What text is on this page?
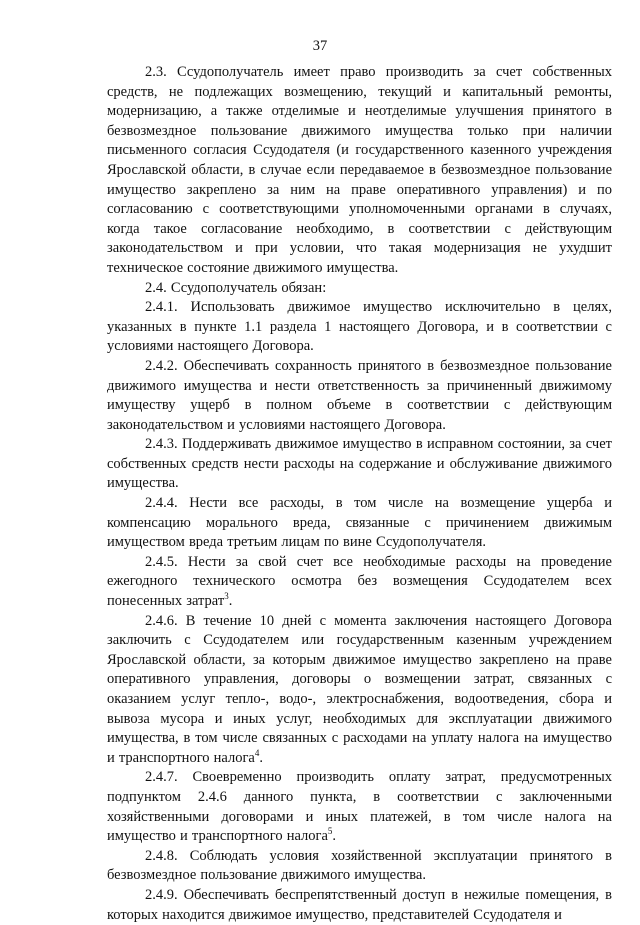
37

2.3. Ссудополучатель имеет право производить за счет собственных средств, не подлежащих возмещению, текущий и капитальный ремонты, модернизацию, а также отделимые и неотделимые улучшения принятого в безвозмездное пользование движимого имущества только при наличии письменного согласия Ссудодателя (и государственного казенного учреждения Ярославской области, в случае если передаваемое в безвозмездное пользование имущество закреплено за ним на праве оперативного управления) и по согласованию с соответствующими уполномоченными органами в случаях, когда такое согласование необходимо, в соответствии с действующим законодательством и при условии, что такая модернизация не ухудшит техническое состояние движимого имущества.

2.4. Ссудополучатель обязан:

2.4.1. Использовать движимое имущество исключительно в целях, указанных в пункте 1.1 раздела 1 настоящего Договора, и в соответствии с условиями настоящего Договора.

2.4.2. Обеспечивать сохранность принятого в безвозмездное пользование движимого имущества и нести ответственность за причиненный движимому имуществу ущерб в полном объеме в соответствии с действующим законодательством и условиями настоящего Договора.

2.4.3. Поддерживать движимое имущество в исправном состоянии, за счет собственных средств нести расходы на содержание и обслуживание движимого имущества.

2.4.4. Нести все расходы, в том числе на возмещение ущерба и компенсацию морального вреда, связанные с причинением движимым имуществом вреда третьим лицам по вине Ссудополучателя.

2.4.5. Нести за свой счет все необходимые расходы на проведение ежегодного технического осмотра без возмещения Ссудодателем всех понесенных затрат$^3$.

2.4.6. В течение 10 дней с момента заключения настоящего Договора заключить с Ссудодателем или государственным казенным учреждением Ярославской области, за которым движимое имущество закреплено на праве оперативного управления, договоры о возмещении затрат, связанных с оказанием услуг тепло-, водо-, электроснабжения, водоотведения, сбора и вывоза мусора и иных услуг, необходимых для эксплуатации движимого имущества, в том числе связанных с расходами на уплату налога на имущество и транспортного налога$^4$.

2.4.7. Своевременно производить оплату затрат, предусмотренных подпунктом 2.4.6 данного пункта, в соответствии с заключенными хозяйственными договорами и иных платежей, в том числе налога на имущество и транспортного налога$^5$.

2.4.8. Соблюдать условия хозяйственной эксплуатации принятого в безвозмездное пользование движимого имущества.

2.4.9. Обеспечивать беспрепятственный доступ в нежилые помещения, в которых находится движимое имущество, представителей Ссудодателя и
